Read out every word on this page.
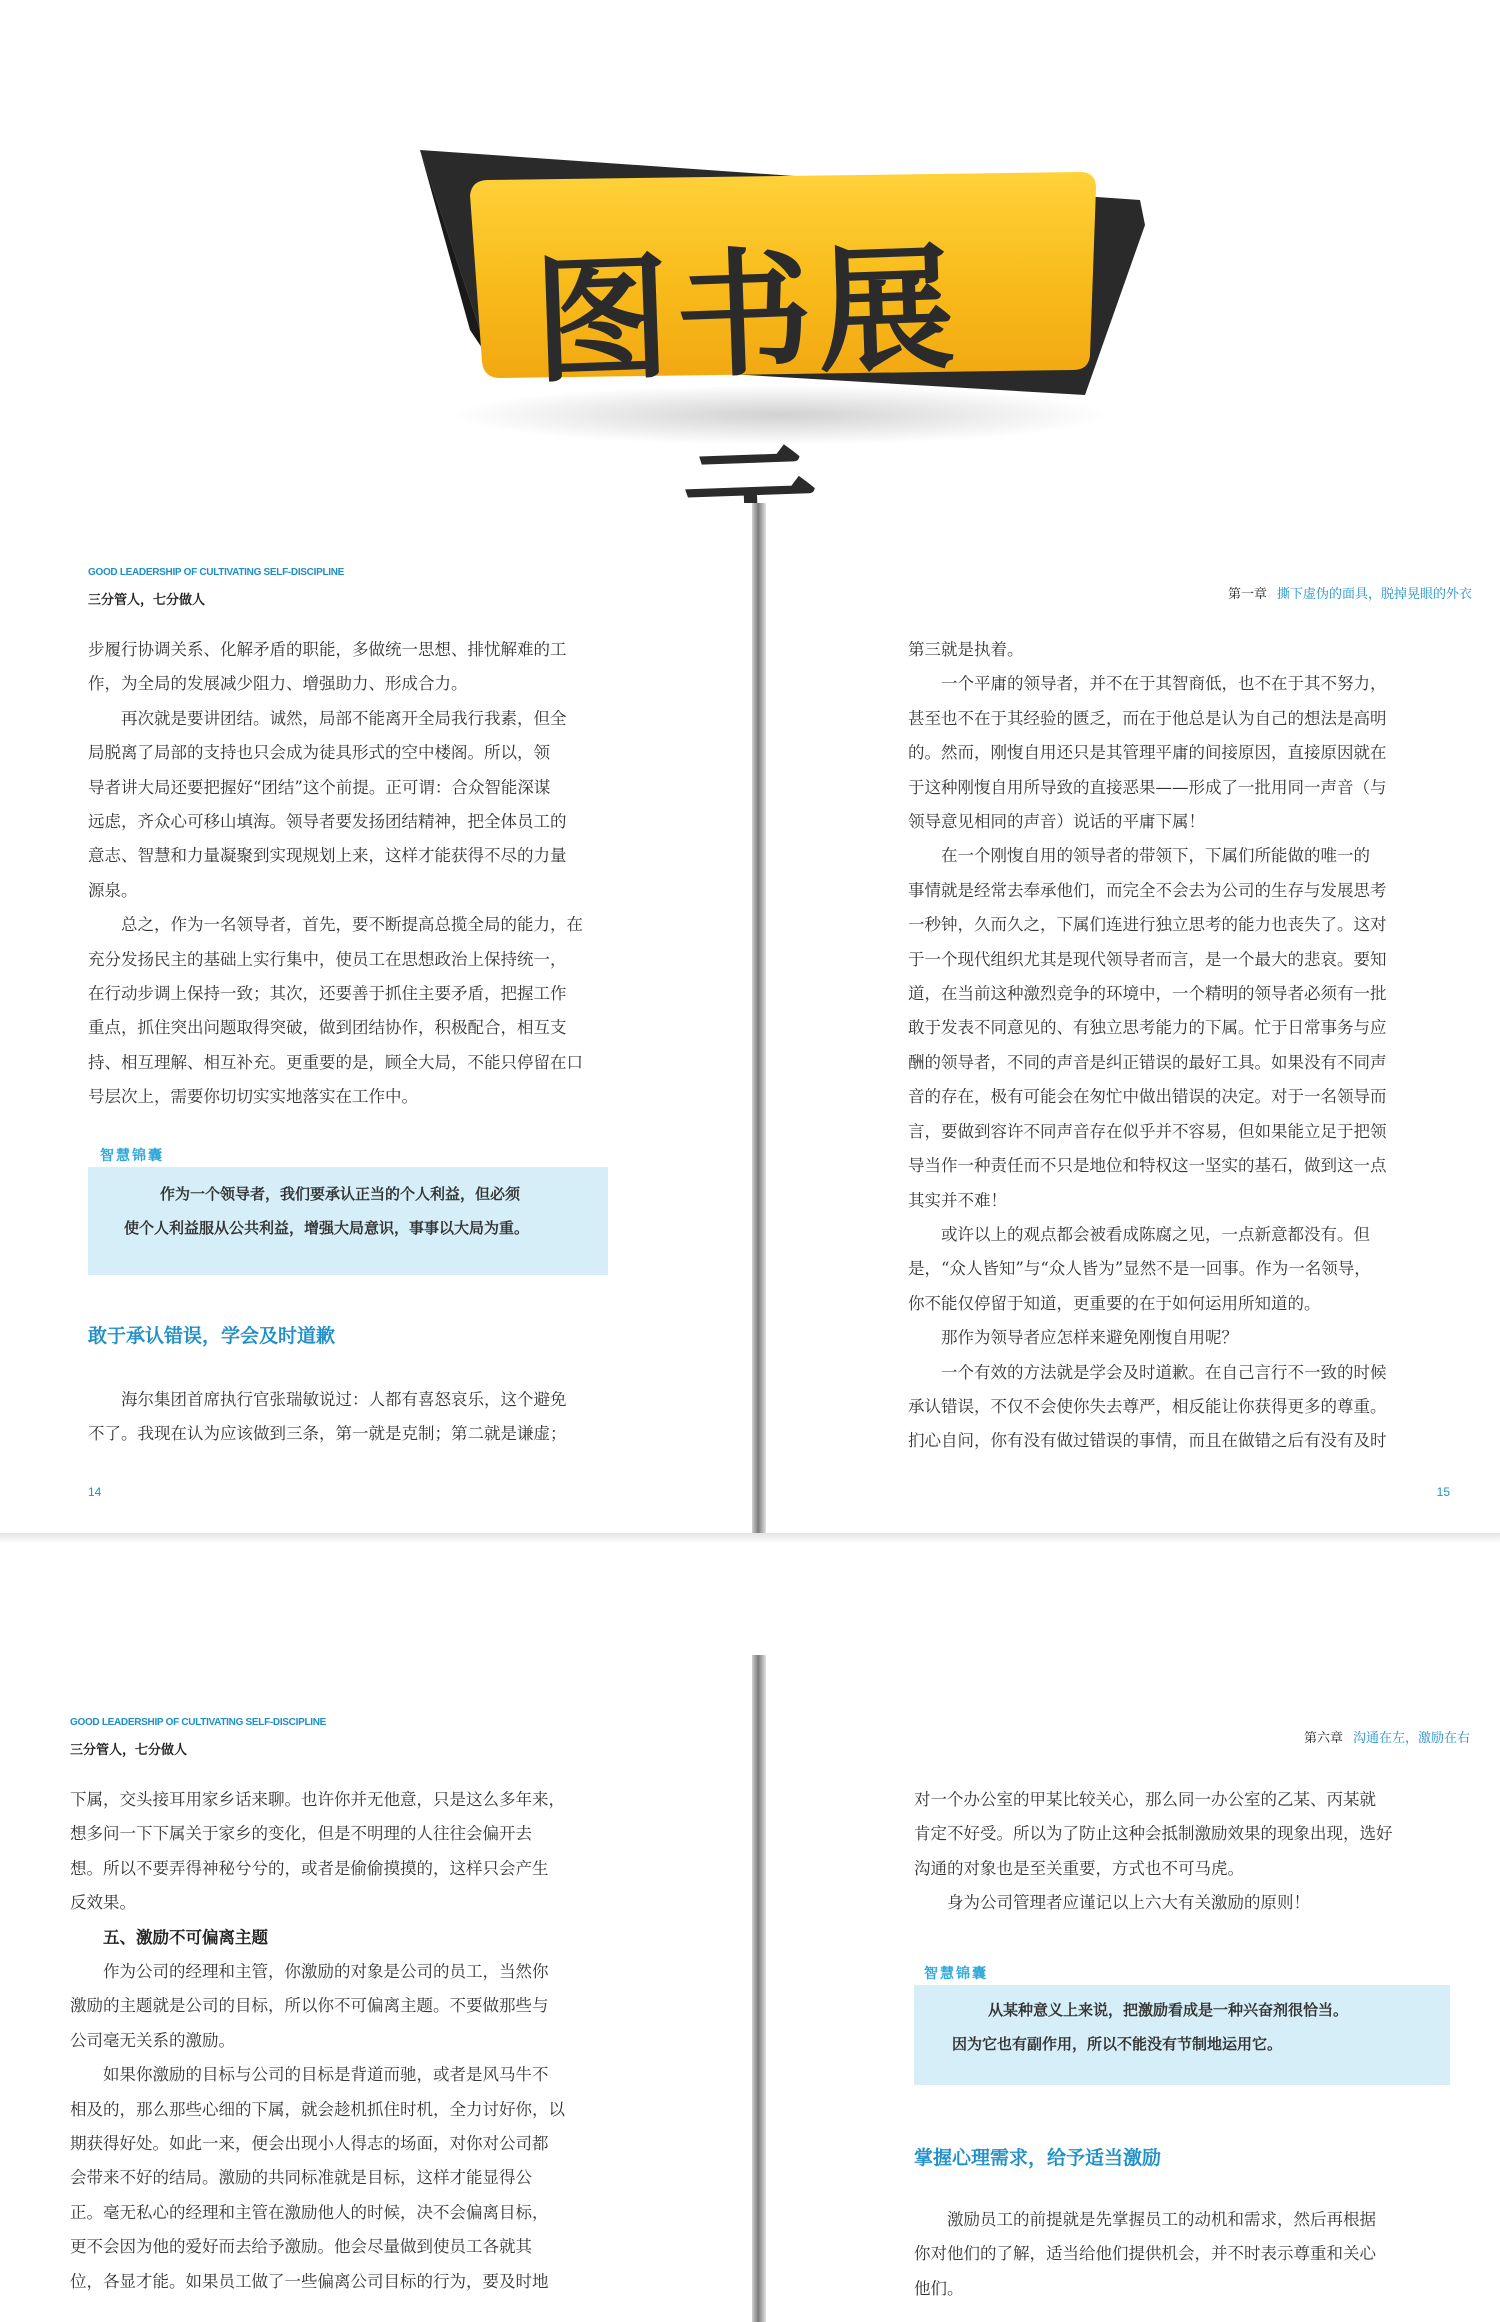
图书展示
GOOD LEADERSHIP OF CULTIVATING SELF-DISCIPLINE
三分管人，七分做人

步履行协调关系、化解矛盾的职能，多做统一思想、排忧解难的工

作，为全局的发展减少阻力、增强助力、形成合力。

　　再次就是要讲团结。诚然，局部不能离开全局我行我素，但全

局脱离了局部的支持也只会成为徒具形式的空中楼阁。所以，领

导者讲大局还要把握好“团结”这个前提。正可谓：合众智能深谋

远虑，齐众心可移山填海。领导者要发扬团结精神，把全体员工的

意志、智慧和力量凝聚到实现规划上来，这样才能获得不尽的力量

源泉。

　　总之，作为一名领导者，首先，要不断提高总揽全局的能力，在

充分发扬民主的基础上实行集中，使员工在思想政治上保持统一，

在行动步调上保持一致；其次，还要善于抓住主要矛盾，把握工作

重点，抓住突出问题取得突破，做到团结协作，积极配合，相互支

持、相互理解、相互补充。更重要的是，顾全大局，不能只停留在口

号层次上，需要你切切实实地落实在工作中。

智慧锦囊

作为一个领导者，我们要承认正当的个人利益，但必须

使个人利益服从公共利益，增强大局意识，事事以大局为重。

敢于承认错误，学会及时道歉

　　海尔集团首席执行官张瑞敏说过：人都有喜怒哀乐，这个避免

不了。我现在认为应该做到三条，第一就是克制；第二就是谦虚；

14
第一章 撕下虚伪的面具，脱掉晃眼的外衣

第三就是执着。

　　一个平庸的领导者，并不在于其智商低，也不在于其不努力，

甚至也不在于其经验的匮乏，而在于他总是认为自己的想法是高明

的。然而，刚愎自用还只是其管理平庸的间接原因，直接原因就在

于这种刚愎自用所导致的直接恶果——形成了一批用同一声音（与

领导意见相同的声音）说话的平庸下属！

　　在一个刚愎自用的领导者的带领下，下属们所能做的唯一的

事情就是经常去奉承他们，而完全不会去为公司的生存与发展思考

一秒钟，久而久之，下属们连进行独立思考的能力也丧失了。这对

于一个现代组织尤其是现代领导者而言，是一个最大的悲哀。要知

道，在当前这种激烈竞争的环境中，一个精明的领导者必须有一批

敢于发表不同意见的、有独立思考能力的下属。忙于日常事务与应

酬的领导者，不同的声音是纠正错误的最好工具。如果没有不同声

音的存在，极有可能会在匆忙中做出错误的决定。对于一名领导而

言，要做到容许不同声音存在似乎并不容易，但如果能立足于把领

导当作一种责任而不只是地位和特权这一坚实的基石，做到这一点

其实并不难！

　　或许以上的观点都会被看成陈腐之见，一点新意都没有。但

是，“众人皆知”与“众人皆为”显然不是一回事。作为一名领导，

你不能仅停留于知道，更重要的在于如何运用所知道的。

　　那作为领导者应怎样来避免刚愎自用呢？

　　一个有效的方法就是学会及时道歉。在自己言行不一致的时候

承认错误，不仅不会使你失去尊严，相反能让你获得更多的尊重。

扪心自问，你有没有做过错误的事情，而且在做错之后有没有及时

15
GOOD LEADERSHIP OF CULTIVATING SELF-DISCIPLINE
三分管人，七分做人

下属，交头接耳用家乡话来聊。也许你并无他意，只是这么多年来，

想多问一下下属关于家乡的变化，但是不明理的人往往会偏开去

想。所以不要弄得神秘兮兮的，或者是偷偷摸摸的，这样只会产生

反效果。

　　五、激励不可偏离主题

　　作为公司的经理和主管，你激励的对象是公司的员工，当然你

激励的主题就是公司的目标，所以你不可偏离主题。不要做那些与

公司毫无关系的激励。

　　如果你激励的目标与公司的目标是背道而驰，或者是风马牛不

相及的，那么那些心细的下属，就会趁机抓住时机，全力讨好你，以

期获得好处。如此一来，便会出现小人得志的场面，对你对公司都

会带来不好的结局。激励的共同标准就是目标，这样才能显得公

正。毫无私心的经理和主管在激励他人的时候，决不会偏离目标，

更不会因为他的爱好而去给予激励。他会尽量做到使员工各就其

位，各显才能。如果员工做了一些偏离公司目标的行为，要及时地

第六章 沟通在左，激励在右

对一个办公室的甲某比较关心，那么同一办公室的乙某、丙某就

肯定不好受。所以为了防止这种会抵制激励效果的现象出现，选好

沟通的对象也是至关重要，方式也不可马虎。

　　身为公司管理者应谨记以上六大有关激励的原则！

智慧锦囊

从某种意义上来说，把激励看成是一种兴奋剂很恰当。

因为它也有副作用，所以不能没有节制地运用它。

掌握心理需求，给予适当激励

　　激励员工的前提就是先掌握员工的动机和需求，然后再根据

你对他们的了解，适当给他们提供机会，并不时表示尊重和关心

他们。
